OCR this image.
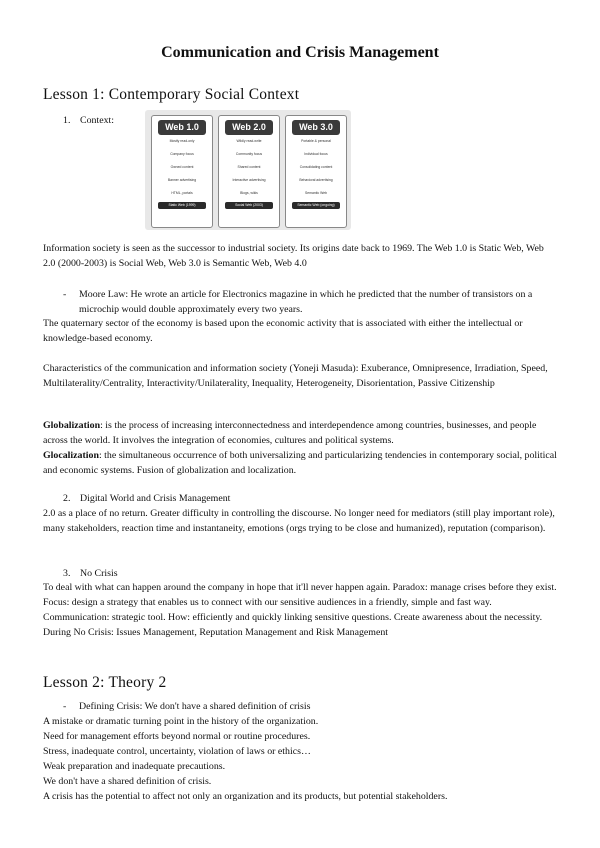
Communication and Crisis Management
Lesson 1: Contemporary Social Context
1. Context:
Web 1.0
Mostly read-only
Company focus
Owned content
Banner advertising
HTML, portals
Static Web (1999)
Web 2.0
Wildly read-write
Community focus
Shared content
Interactive advertising
Blogs, wikis
Social Web (2003)
Web 3.0
Portable & personal
Individual focus
Consolidating content
Behavioral advertising
Semantic Web
Semantic Web (ongoing)

Information society is seen as the successor to industrial society. Its origins date back to 1969. The Web 1.0 is Static Web, Web 2.0 (2000-2003) is Social Web, Web 3.0 is Semantic Web, Web 4.0

- Moore Law: He wrote an article for Electronics magazine in which he predicted that the number of transistors on a microchip would double approximately every two years.

The quaternary sector of the economy is based upon the economic activity that is associated with either the intellectual or knowledge-based economy.

Characteristics of the communication and information society (Yoneji Masuda): Exuberance, Omnipresence, Irradiation, Speed, Multilaterality/Centrality, Interactivity/Unilaterality, Inequality, Heterogeneity, Disorientation, Passive Citizenship

Globalization: is the process of increasing interconnectedness and interdependence among countries, businesses, and people across the world. It involves the integration of economies, cultures and political systems.

Glocalization: the simultaneous occurrence of both universalizing and particularizing tendencies in contemporary social, political and economic systems. Fusion of globalization and localization.

2. Digital World and Crisis Management

2.0 as a place of no return. Greater difficulty in controlling the discourse. No longer need for mediators (still play important role), many stakeholders, reaction time and instantaneity, emotions (orgs trying to be close and humanized), reputation (comparison).

3. No Crisis

To deal with what can happen around the company in hope that it'll never happen again. Paradox: manage crises before they exist. Focus: design a strategy that enables us to connect with our sensitive audiences in a friendly, simple and fast way. Communication: strategic tool. How: efficiently and quickly linking sensitive questions. Create awareness about the necessity. During No Crisis: Issues Management, Reputation Management and Risk Management

Lesson 2: Theory 2
- Defining Crisis: We don't have a shared definition of crisis

A mistake or dramatic turning point in the history of the organization.

Need for management efforts beyond normal or routine procedures.

Stress, inadequate control, uncertainty, violation of laws or ethics…

Weak preparation and inadequate precautions.

We don't have a shared definition of crisis.

A crisis has the potential to affect not only an organization and its products, but potential stakeholders.
